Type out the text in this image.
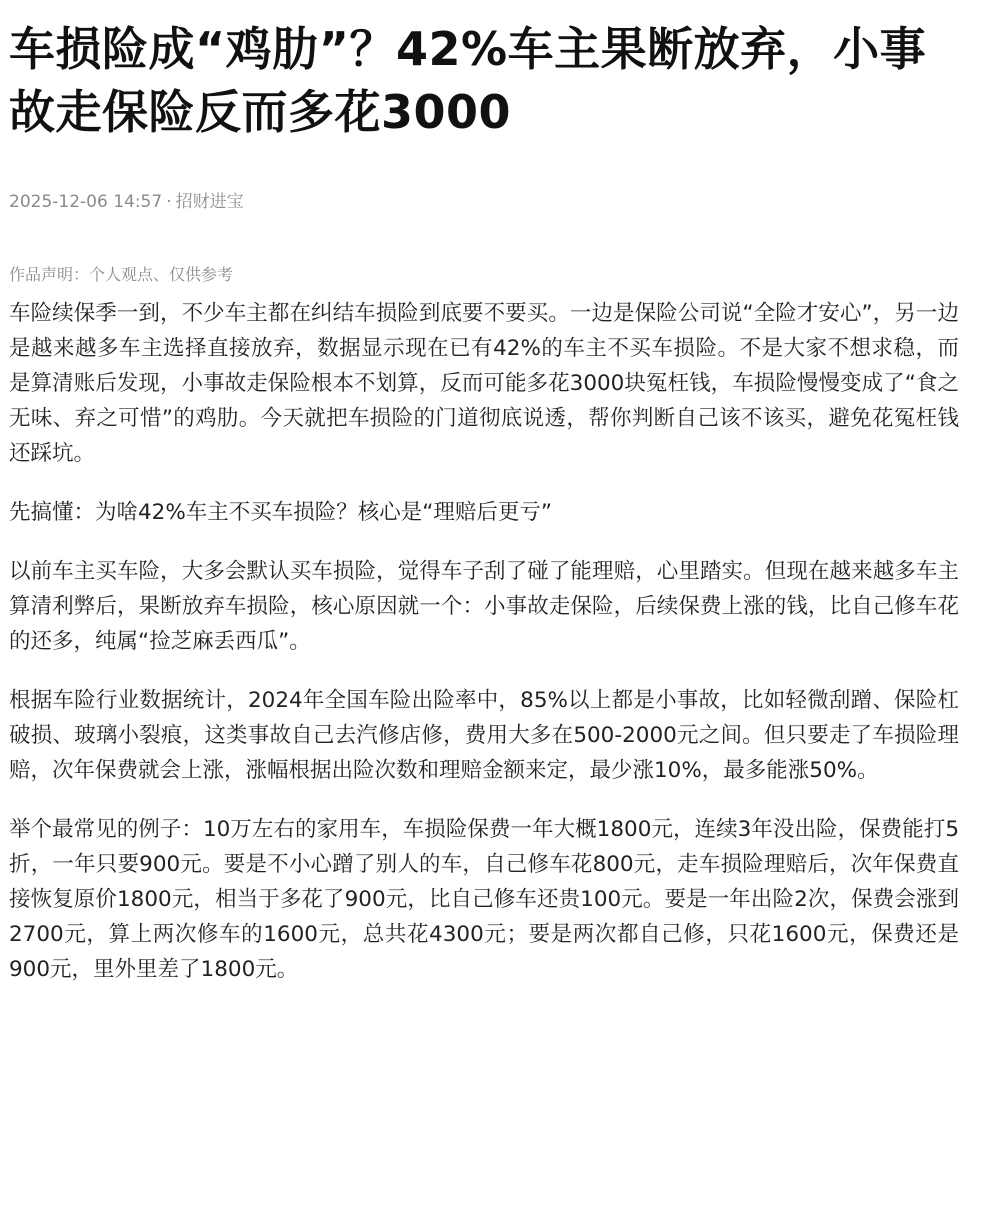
车损险成“鸡肋”？42%车主果断放弃，小事故走保险反而多花3000
2025-12-06 14:57 · 招财进宝
作品声明：个人观点、仅供参考

车险续保季一到，不少车主都在纠结车损险到底要不要买。一边是保险公司说“全险才安心”，另一边是越来越多车主选择直接放弃，数据显示现在已有42%的车主不买车损险。不是大家不想求稳，而是算清账后发现，小事故走保险根本不划算，反而可能多花3000块冤枉钱，车损险慢慢变成了“食之无味、弃之可惜”的鸡肋。今天就把车损险的门道彻底说透，帮你判断自己该不该买，避免花冤枉钱还踩坑。

先搞懂：为啥42%车主不买车损险？核心是“理赔后更亏”

以前车主买车险，大多会默认买车损险，觉得车子刮了碰了能理赔，心里踏实。但现在越来越多车主算清利弊后，果断放弃车损险，核心原因就一个：小事故走保险，后续保费上涨的钱，比自己修车花的还多，纯属“捡芝麻丢西瓜”。

根据车险行业数据统计，2024年全国车险出险率中，85%以上都是小事故，比如轻微刮蹭、保险杠破损、玻璃小裂痕，这类事故自己去汽修店修，费用大多在500-2000元之间。但只要走了车损险理赔，次年保费就会上涨，涨幅根据出险次数和理赔金额来定，最少涨10%，最多能涨50%。

举个最常见的例子：10万左右的家用车，车损险保费一年大概1800元，连续3年没出险，保费能打5折，一年只要900元。要是不小心蹭了别人的车，自己修车花800元，走车损险理赔后，次年保费直接恢复原价1800元，相当于多花了900元，比自己修车还贵100元。要是一年出险2次，保费会涨到2700元，算上两次修车的1600元，总共花4300元；要是两次都自己修，只花1600元，保费还是900元，里外里差了1800元。
